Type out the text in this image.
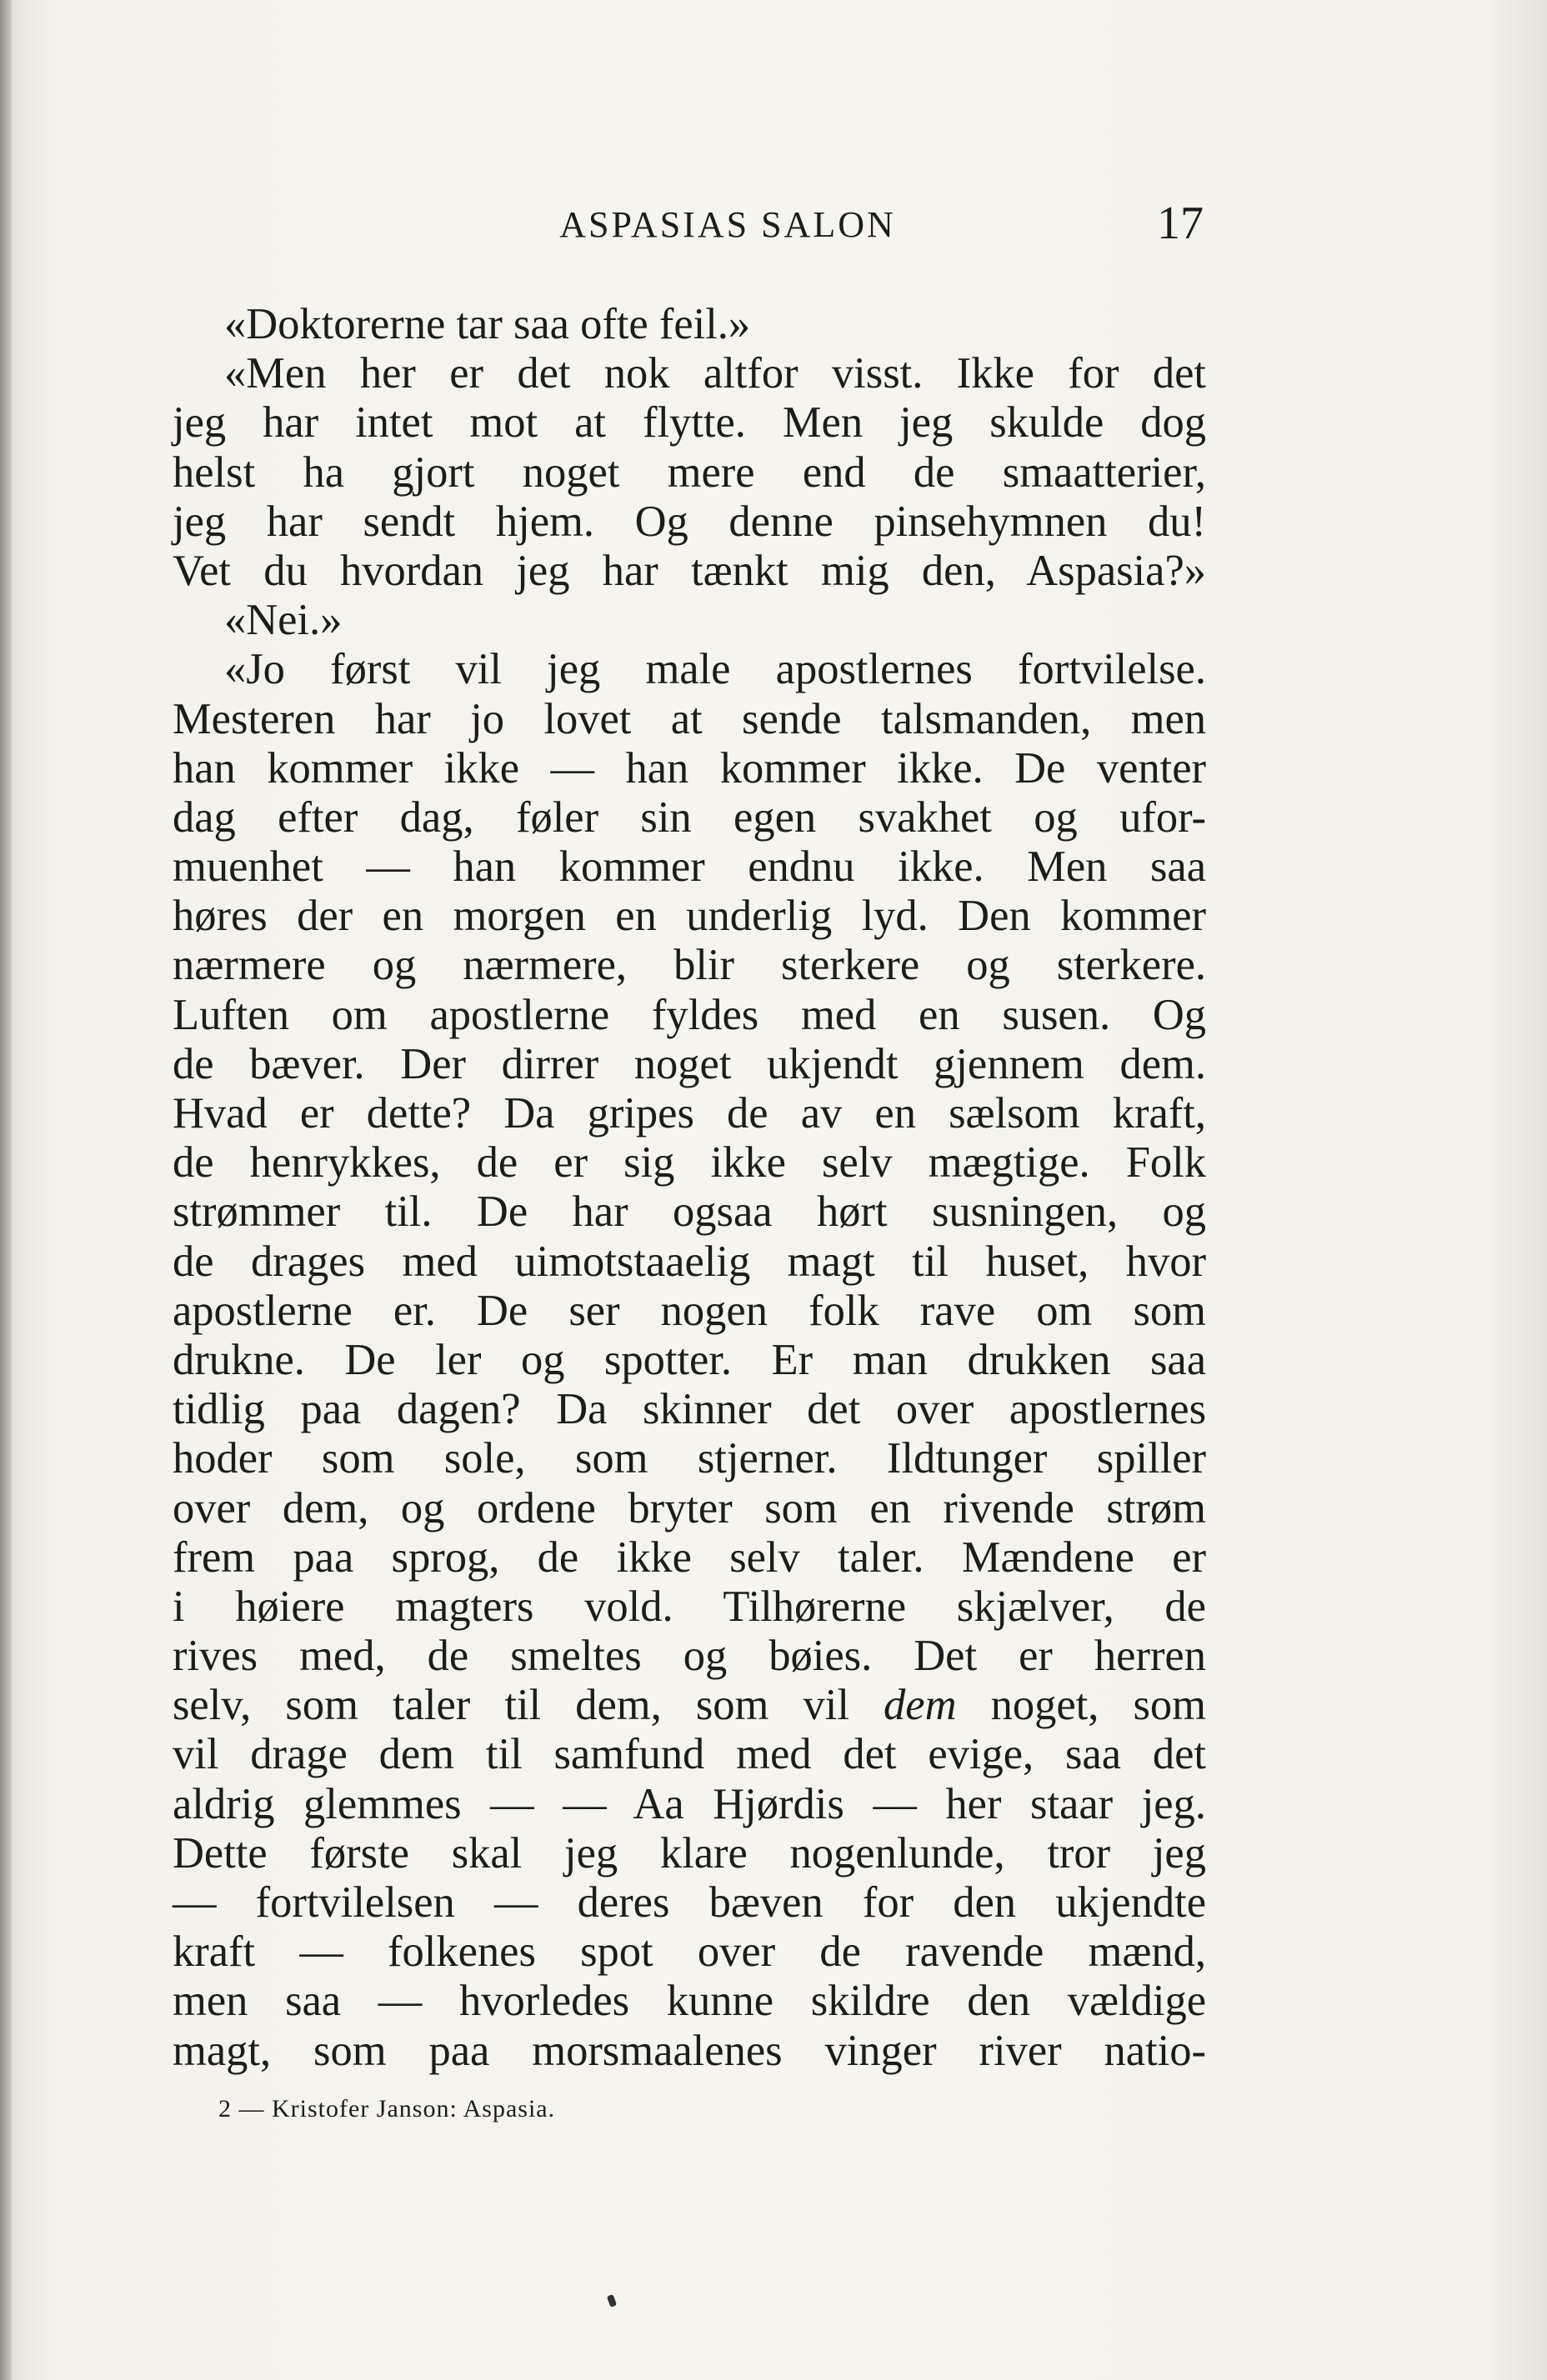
ASPASIAS SALON	17
«Doktorerne tar saa ofte feil.»
«Men her er det nok altfor visst. Ikke for det
jeg har intet mot at flytte. Men jeg skulde dog
helst ha gjort noget mere end de smaatterier,
jeg har sendt hjem. Og denne pinsehymnen du!
Vet du hvordan jeg har tænkt mig den, Aspasia?»
«Nei.»
«Jo først vil jeg male apostlernes fortvilelse.
Mesteren har jo lovet at sende talsmanden, men
han kommer ikke — han kommer ikke. De venter
dag efter dag, føler sin egen svakhet og ufor-
muenhet — han kommer endnu ikke. Men saa
høres der en morgen en underlig lyd. Den kommer
nærmere og nærmere, blir sterkere og sterkere.
Luften om apostlerne fyldes med en susen. Og
de bæver. Der dirrer noget ukjendt gjennem dem.
Hvad er dette? Da gripes de av en sælsom kraft,
de henrykkes, de er sig ikke selv mægtige. Folk
strømmer til. De har ogsaa hørt susningen, og
de drages med uimotstaaelig magt til huset, hvor
apostlerne er. De ser nogen folk rave om som
drukne. De ler og spotter. Er man drukken saa
tidlig paa dagen? Da skinner det over apostlernes
hoder som sole, som stjerner. Ildtunger spiller
over dem, og ordene bryter som en rivende strøm
frem paa sprog, de ikke selv taler. Mændene er
i høiere magters vold. Tilhørerne skjælver, de
rives med, de smeltes og bøies. Det er herren
selv, som taler til dem, som vil dem noget, som
vil drage dem til samfund med det evige, saa det
aldrig glemmes — — Aa Hjørdis — her staar jeg.
Dette første skal jeg klare nogenlunde, tror jeg
— fortvilelsen — deres bæven for den ukjendte
kraft — folkenes spot over de ravende mænd,
men saa — hvorledes kunne skildre den vældige
magt, som paa morsmaalenes vinger river natio-
2 — Kristofer Janson: Aspasia.
